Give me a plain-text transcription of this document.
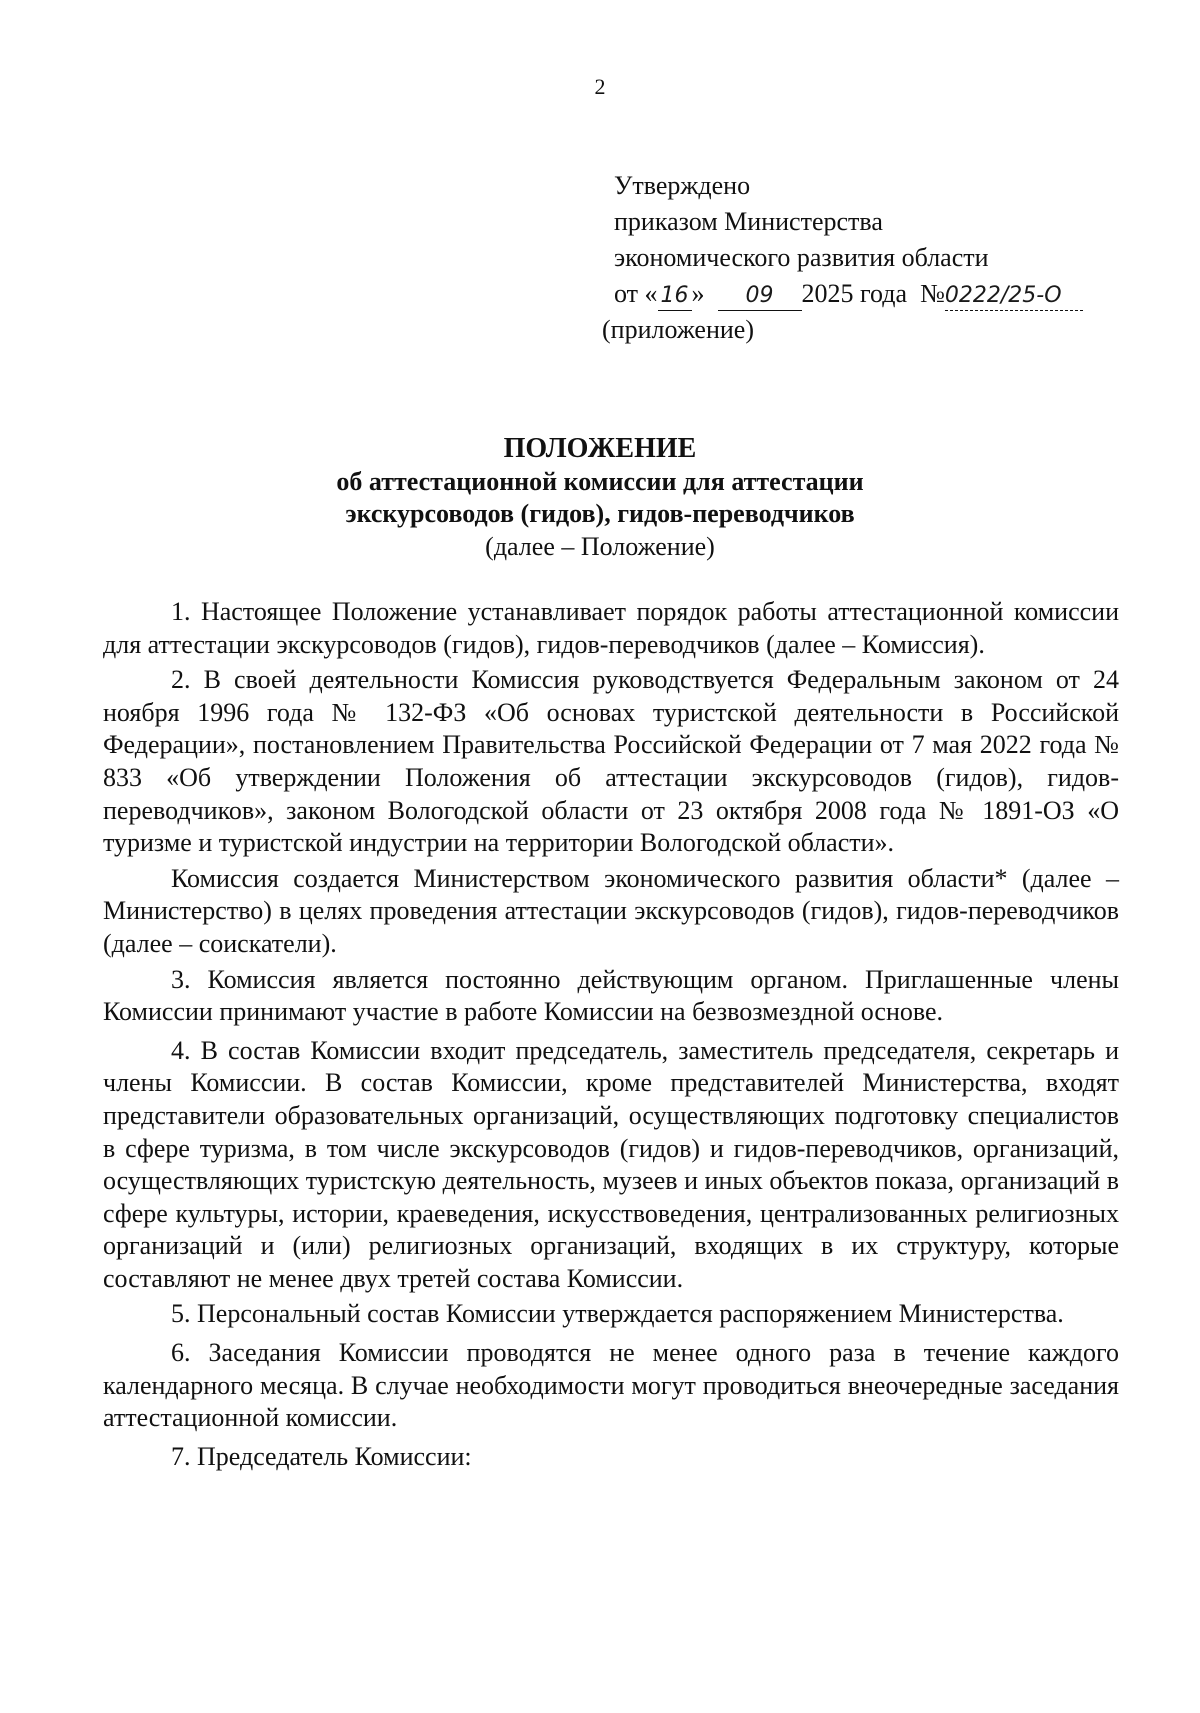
2
Утверждено
приказом Министерства
экономического развития области
от « 16 » 09 2025 года №0222/25-О
(приложение)
ПОЛОЖЕНИЕ
об аттестационной комиссии для аттестации
экскурсоводов (гидов), гидов-переводчиков
(далее – Положение)

1. Настоящее Положение устанавливает порядок работы аттестационной комиссии для аттестации экскурсоводов (гидов), гидов-переводчиков (далее – Комиссия).

2. В своей деятельности Комиссия руководствуется Федеральным законом от 24 ноября 1996 года № 132-ФЗ «Об основах туристской деятельности в Российской Федерации», постановлением Правительства Российской Федерации от 7 мая 2022 года № 833 «Об утверждении Положения об аттестации экскурсоводов (гидов), гидов-переводчиков», законом Вологодской области от 23 октября 2008 года № 1891-ОЗ «О туризме и туристской индустрии на территории Вологодской области».

Комиссия создается Министерством экономического развития области* (далее – Министерство) в целях проведения аттестации экскурсоводов (гидов), гидов-переводчиков (далее – соискатели).

3. Комиссия является постоянно действующим органом. Приглашенные члены Комиссии принимают участие в работе Комиссии на безвозмездной основе.

4. В состав Комиссии входит председатель, заместитель председателя, секретарь и члены Комиссии. В состав Комиссии, кроме представителей Министерства, входят представители образовательных организаций, осуществляющих подготовку специалистов в сфере туризма, в том числе экскурсоводов (гидов) и гидов-переводчиков, организаций, осуществляющих туристскую деятельность, музеев и иных объектов показа, организаций в сфере культуры, истории, краеведения, искусствоведения, централизованных религиозных организаций и (или) религиозных организаций, входящих в их структуру, которые составляют не менее двух третей состава Комиссии.

5. Персональный состав Комиссии утверждается распоряжением Министерства.

6. Заседания Комиссии проводятся не менее одного раза в течение каждого календарного месяца. В случае необходимости могут проводиться внеочередные заседания аттестационной комиссии.

7. Председатель Комиссии:
